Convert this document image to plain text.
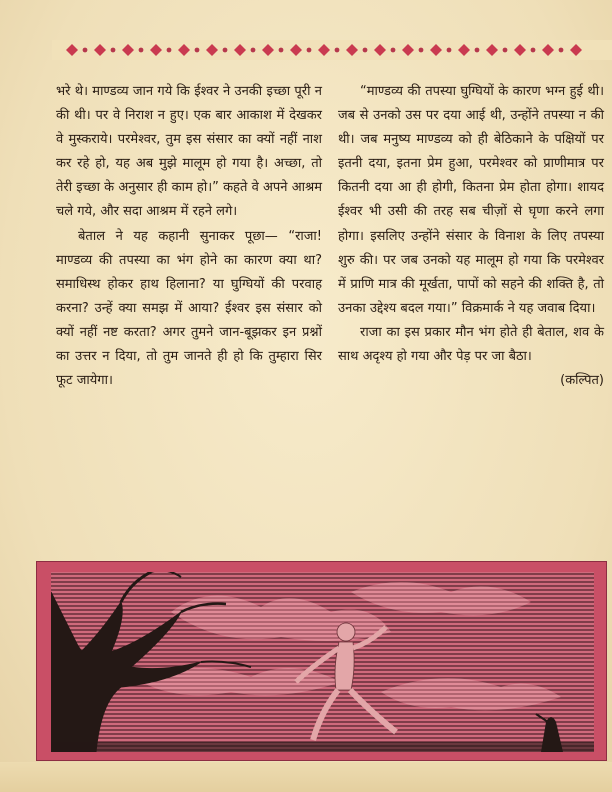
भरे थे। माण्डव्य जान गये कि ईश्वर ने उनकी इच्छा पूरी न की थी। पर वे निराश न हुए। एक बार आकाश में देखकर वे मुस्कराये। परमेश्वर, तुम इस संसार का क्यों नहीं नाश कर रहे हो, यह अब मुझे मालूम हो गया है। अच्छा, तो तेरी इच्छा के अनुसार ही काम हो।” कहते वे अपने आश्रम चले गये, और सदा आश्रम में रहने लगे।

बेताल ने यह कहानी सुनाकर पूछा— “राजा! माण्डव्य की तपस्या का भंग होने का कारण क्या था? समाधिस्थ होकर हाथ हिलाना? या घुग्घियों की परवाह करना? उन्हें क्या समझ में आया? ईश्वर इस संसार को क्यों नहीं नष्ट करता? अगर तुमने जान-बूझकर इन प्रश्नों का उत्तर न दिया, तो तुम जानते ही हो कि तुम्हारा सिर फूट जायेगा।

“माण्डव्य की तपस्या घुग्घियों के कारण भग्न हुई थी। जब से उनको उस पर दया आई थी, उन्होंने तपस्या न की थी। जब मनुष्य माण्डव्य को ही बेठिकाने के पक्षियों पर इतनी दया, इतना प्रेम हुआ, परमेश्वर को प्राणीमात्र पर कितनी दया आ ही होगी, कितना प्रेम होता होगा। शायद ईश्वर भी उसी की तरह सब चीज़ों से घृणा करने लगा होगा। इसलिए उन्होंने संसार के विनाश के लिए तपस्या शुरु की। पर जब उनको यह मालूम हो गया कि परमेश्वर में प्राणि मात्र की मूर्खता, पापों को सहने की शक्ति है, तो उनका उद्देश्य बदल गया।” विक्रमार्क ने यह जवाब दिया।

राजा का इस प्रकार मौन भंग होते ही बेताल, शव के साथ अदृश्य हो गया और पेड़ पर जा बैठा।

(कल्पित)
